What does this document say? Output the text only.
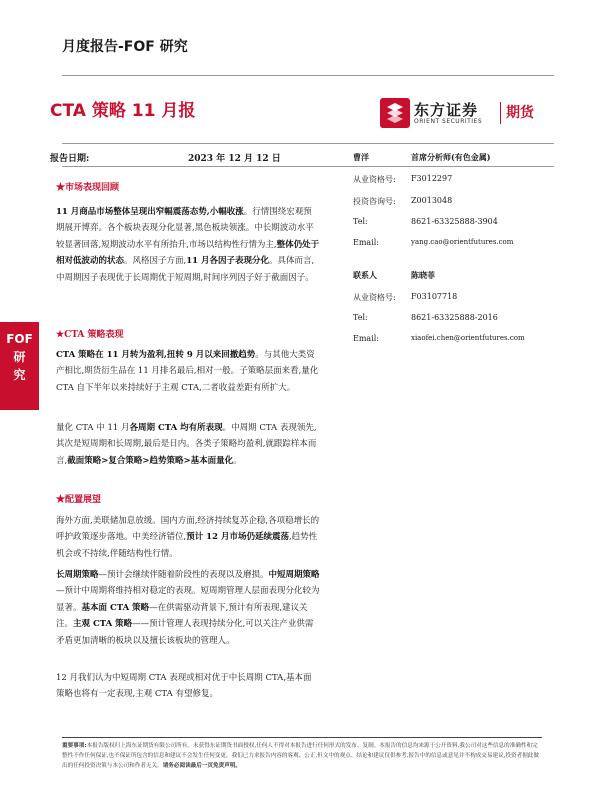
月度报告-FOF 研究
CTA 策略 11 月报	东方证券
ORIENT SECURITIES
期货
报告日期:	2023 年 12 月 12 日
FOF
研
究
★市场表现回顾
11 月商品市场整体呈现出窄幅震荡态势,小幅收涨。行情围绕宏观预期展开博弈。各个板块表现分化显著,黑色板块领涨。中长期波动水平较显著回落,短期波动水平有所抬升,市场以结构性行情为主,整体仍处于相对低波动的状态。风格因子方面,11 月各因子表现分化。具体而言,中周期因子表现优于长周期优于短周期,时间序列因子好于截面因子。
★CTA 策略表现
CTA 策略在 11 月转为盈利,扭转 9 月以来回撤趋势。与其他大类资产相比,期货衍生品在 11 月排名最后,相对一般。子策略层面来看,量化 CTA 自下半年以来持续好于主观 CTA,二者收益差距有所扩大。
量化 CTA 中 11 月各周期 CTA 均有所表现。中周期 CTA 表现领先,其次是短周期和长周期,最后是日内。各类子策略均盈利,就跟踪样本而言,截面策略>复合策略>趋势策略>基本面量化。
★配置展望
海外方面,美联储加息放缓。国内方面,经济持续复苏企稳,各项稳增长的呼护政策逐步落地。中美经济错位,预计 12 月市场仍延续震荡,趋势性机会或不持续,伴随结构性行情。
长周期策略—预计会继续伴随着阶段性的表现以及磨损。中短周期策略—预计中周期将维持相对稳定的表现。短周期管理人层面表现分化较为显著。基本面 CTA 策略—在供需驱动背景下,预计有所表现,建议关注。主观 CTA 策略——预计管理人表现持续分化,可以关注产业供需矛盾更加清晰的板块以及擅长该板块的管理人。
12 月我们认为中短周期 CTA 表现或相对优于中长周期 CTA,基本面策略也将有一定表现,主观 CTA 有望修复。
曹洋	首席分析师(有色金属)
从业资格号: F3012297
投资咨询号: Z0013048
Tel:	8621-63325888-3904
Email:	yang.cao@orientfutures.com
联系人	陈晓菲
从业资格号: F03107718
Tel:	8621-63325888-2016
Email:	xiaofei.chen@orientfutures.com
重要事项:本报告版权归上海东证期货有限公司所有。未获得东证期货书面授权,任何人不得对本报告进行任何形式的发布、复制。本报告的信息均来源于公开资料,我公司对这些信息的准确性和完整性不作任何保证,也不保证所包含的信息和建议不会发生任何变更。我们已力求报告内容的客观、公正,但文中的观点、结论和建议仅供参考,报告中的信息或意见并不构成交易建议,投资者据此做出的任何投资决策与本公司和作者无关。请务必阅读最后一页免责声明。
